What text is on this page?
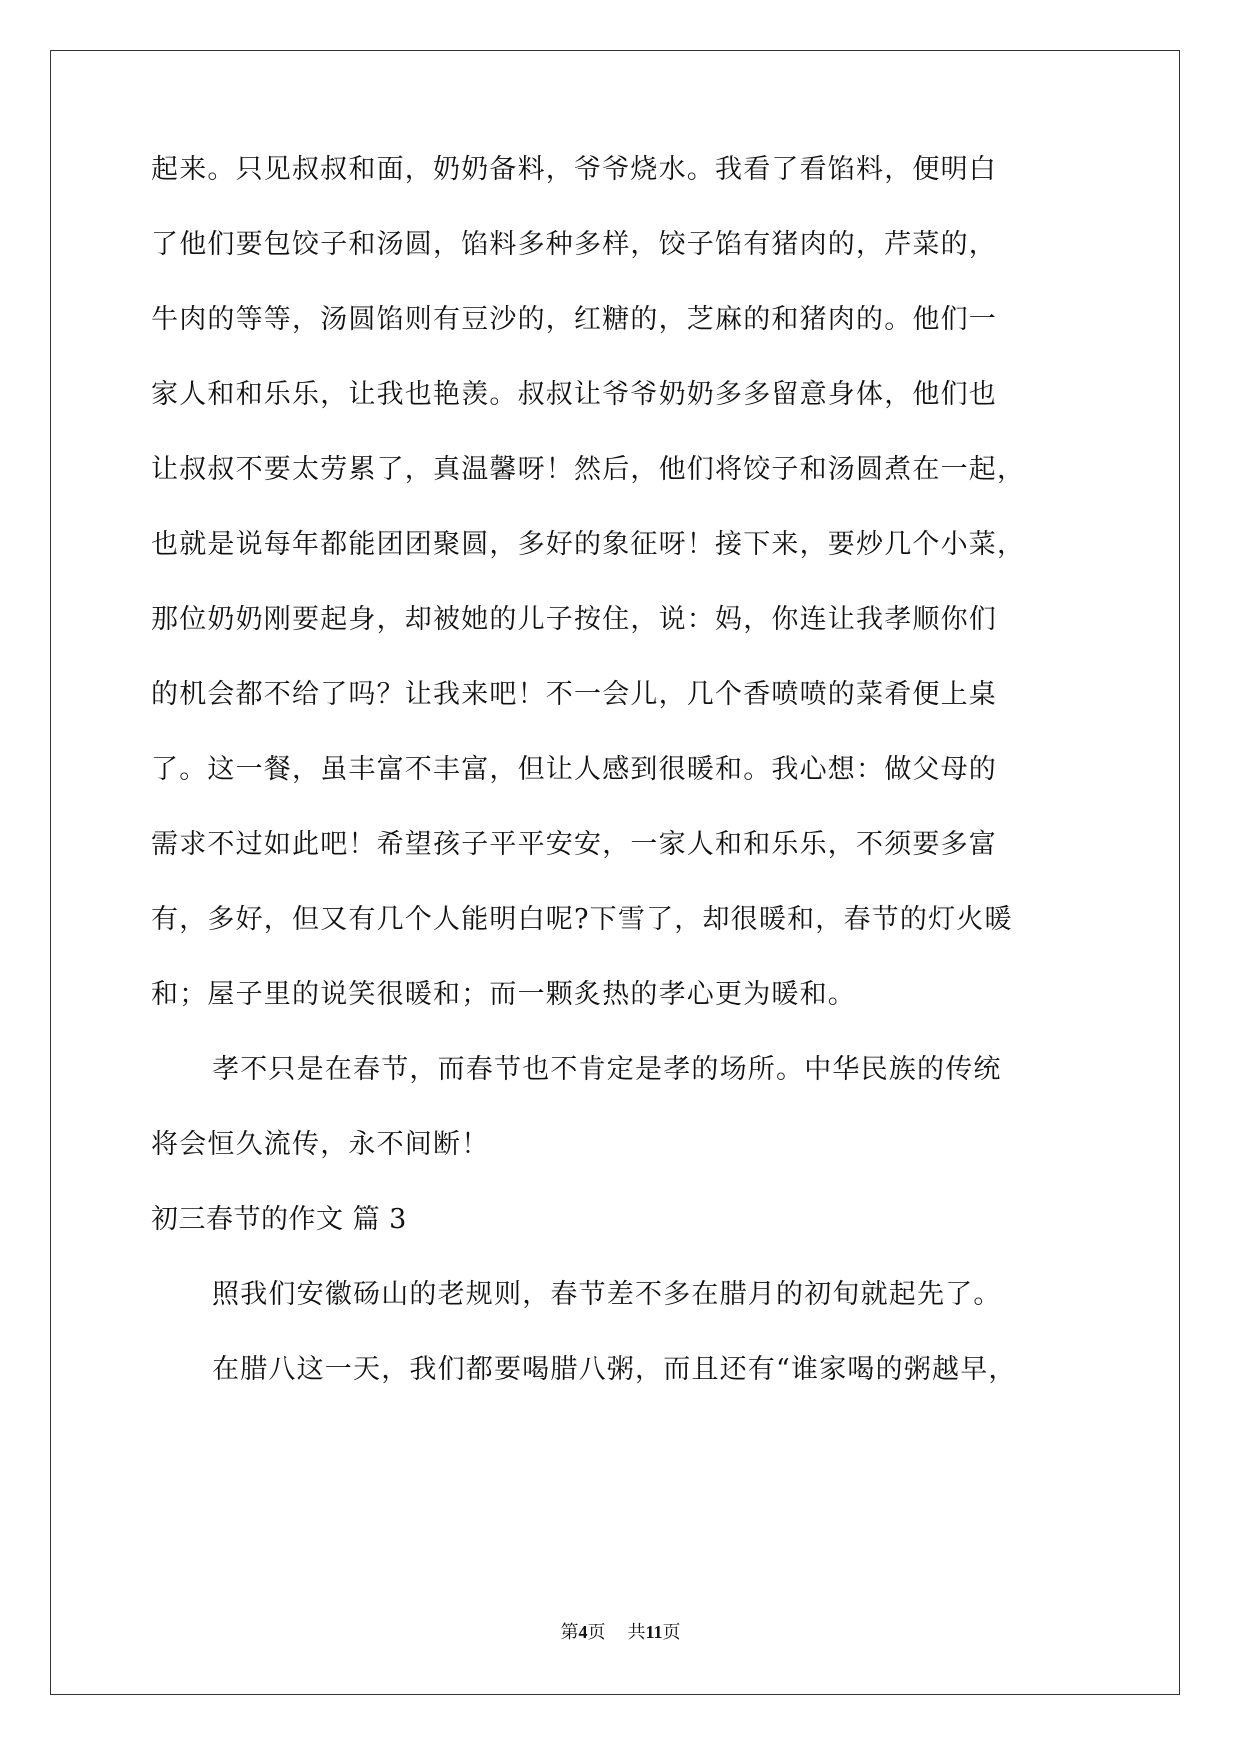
起来。只见叔叔和面，奶奶备料，爷爷烧水。我看了看馅料，便明白
了他们要包饺子和汤圆，馅料多种多样，饺子馅有猪肉的，芹菜的，
牛肉的等等，汤圆馅则有豆沙的，红糖的，芝麻的和猪肉的。他们一
家人和和乐乐，让我也艳羡。叔叔让爷爷奶奶多多留意身体，他们也
让叔叔不要太劳累了，真温馨呀！然后，他们将饺子和汤圆煮在一起，
也就是说每年都能团团聚圆，多好的象征呀！接下来，要炒几个小菜，
那位奶奶刚要起身，却被她的儿子按住，说：妈，你连让我孝顺你们
的机会都不给了吗？让我来吧！不一会儿，几个香喷喷的菜肴便上桌
了。这一餐，虽丰富不丰富，但让人感到很暖和。我心想：做父母的
需求不过如此吧！希望孩子平平安安，一家人和和乐乐，不须要多富
有，多好，但又有几个人能明白呢?下雪了，却很暖和，春节的灯火暖
和；屋子里的说笑很暖和；而一颗炙热的孝心更为暖和。
孝不只是在春节，而春节也不肯定是孝的场所。中华民族的传统
将会恒久流传，永不间断！
初三春节的作文 篇 3
照我们安徽砀山的老规则，春节差不多在腊月的初旬就起先了。
在腊八这一天，我们都要喝腊八粥，而且还有“谁家喝的粥越早，
第4页 共11页
